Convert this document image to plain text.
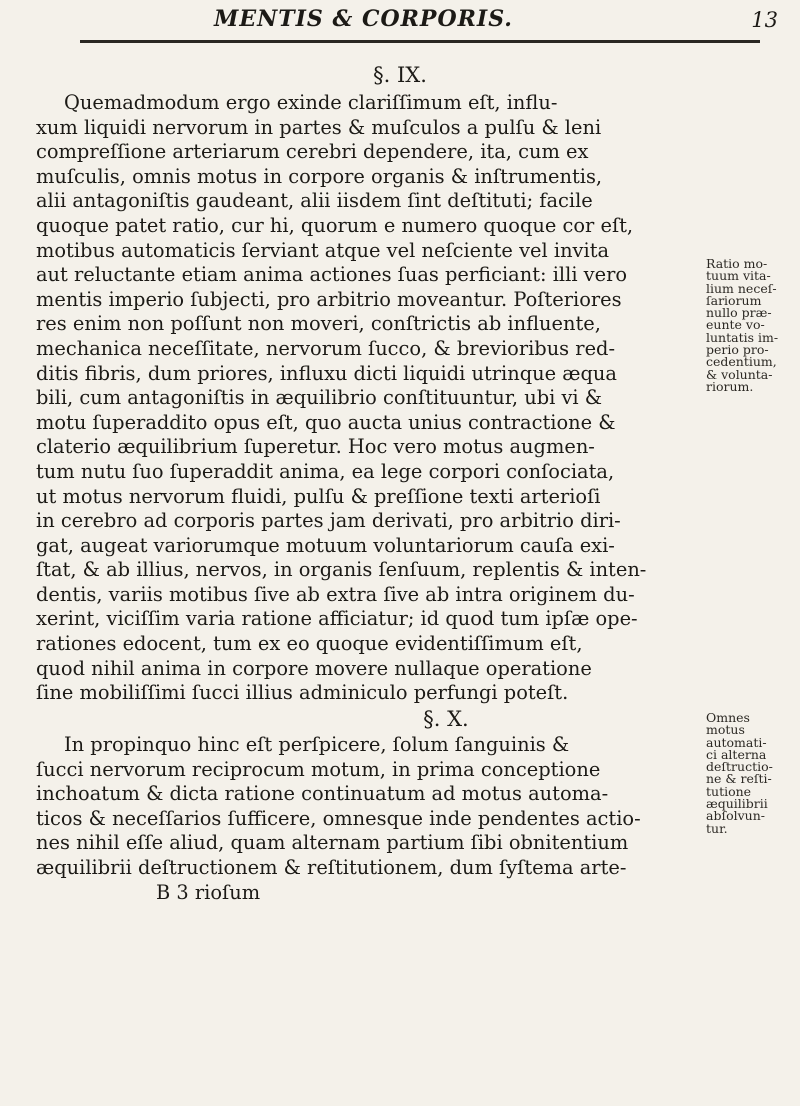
MENTIS & CORPORIS.	13
§. IX.
Quemadmodum ergo exinde clariſſimum eſt, influ-
xum liquidi nervorum in partes & muſculos a pulſu & leni
compreſſione arteriarum cerebri dependere, ita, cum ex
muſculis, omnis motus in corpore organis & inſtrumentis,
alii antagoniſtis gaudeant, alii iisdem ſint deſtituti; facile
quoque patet ratio, cur hi, quorum e numero quoque cor eſt,
motibus automaticis ſerviant atque vel neſciente vel invita
aut reluctante etiam anima actiones ſuas perficiant: illi vero
mentis imperio ſubjecti, pro arbitrio moveantur. Poſteriores
res enim non poſſunt non moveri, conſtrictis ab influente,
mechanica neceſſitate, nervorum ſucco, & brevioribus red-
ditis fibris, dum priores, influxu dicti liquidi utrinque æqua
bili, cum antagoniſtis in æquilibrio conſtituuntur, ubi vi &
motu ſuperaddito opus eſt, quo aucta unius contractione &
claterio æquilibrium ſuperetur. Hoc vero motus augmen-
tum nutu ſuo ſuperaddit anima, ea lege corpori conſociata,
ut motus nervorum fluidi, pulſu & preſſione texti arterioſi
in cerebro ad corporis partes jam derivati, pro arbitrio diri-
gat, augeat variorumque motuum voluntariorum cauſa exi-
ſtat, & ab illius, nervos, in organis ſenſuum, replentis & inten-
dentis, variis motibus ſive ab extra ſive ab intra originem du-
xerint, viciſſim varia ratione afficiatur; id quod tum ipſæ ope-
rationes edocent, tum ex eo quoque evidentiſſimum eſt,
quod nihil anima in corpore movere nullaque operatione
ſine mobiliſſimi ſucci illius adminiculo perfungi poteſt.
§. X.
In propinquo hinc eſt perſpicere, ſolum ſanguinis &
ſucci nervorum reciprocum motum, in prima conceptione
inchoatum & dicta ratione continuatum ad motus automa-
ticos & neceſſarios ſufficere, omnesque inde pendentes actio-
nes nihil eſſe aliud, quam alternam partium ſibi obnitentium
æquilibrii deſtructionem & reſtitutionem, dum ſyſtema arte-
B 3 rioſum
Ratio mo-
tuum vita-
lium neceſ-
ſariorum
nullo præ-
eunte vo-
luntatis im-
perio pro-
cedentium,
& volunta-
riorum.
Omnes
motus
automati-
ci alterna
deſtructio-
ne & reſti-
tutione
æquilibrii
abſolvun-
tur.
